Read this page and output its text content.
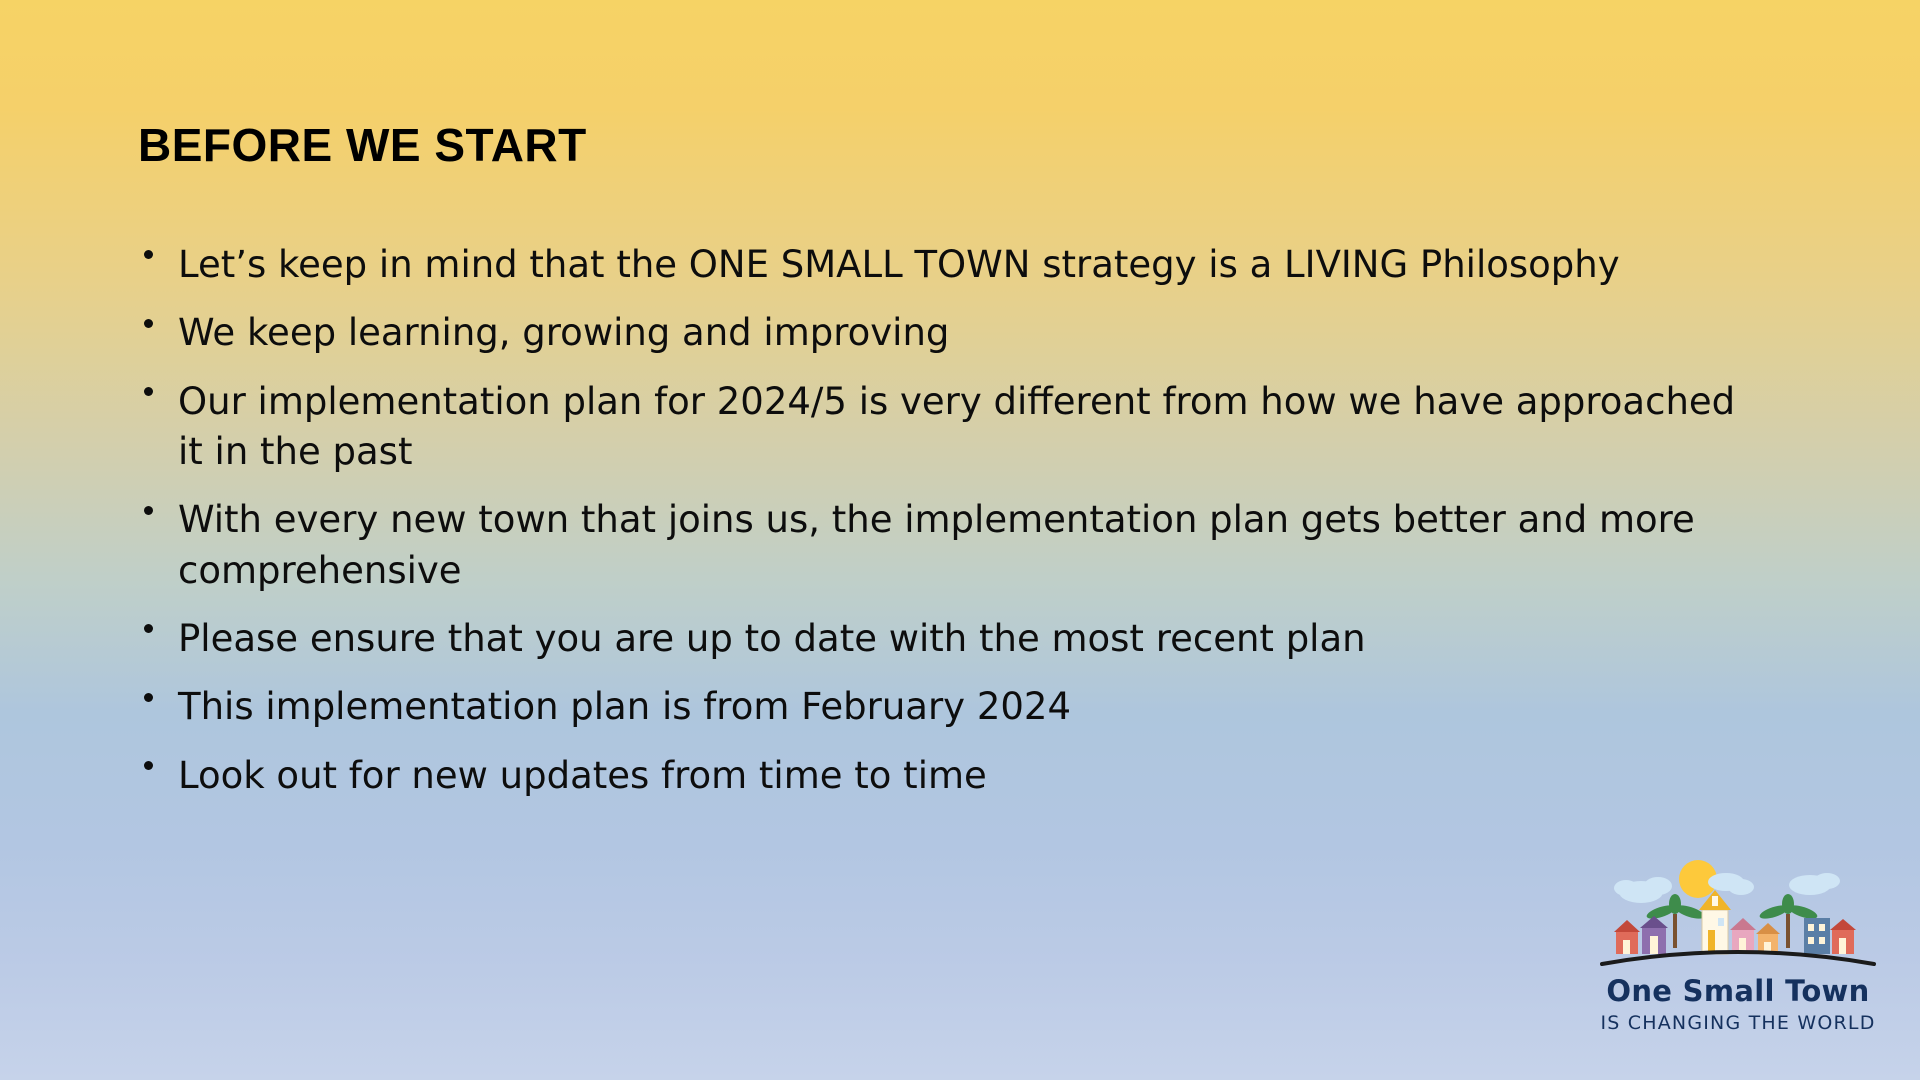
BEFORE WE START
Let’s keep in mind that the ONE SMALL TOWN strategy is a LIVING Philosophy
We keep learning, growing and improving
Our implementation plan for 2024/5 is very different from how we have approached it in the past
With every new town that joins us, the implementation plan gets better and more comprehensive
Please ensure that you are up to date with the most recent plan
This implementation plan is from February 2024
Look out for new updates from time to time
One Small Town
IS CHANGING THE WORLD
